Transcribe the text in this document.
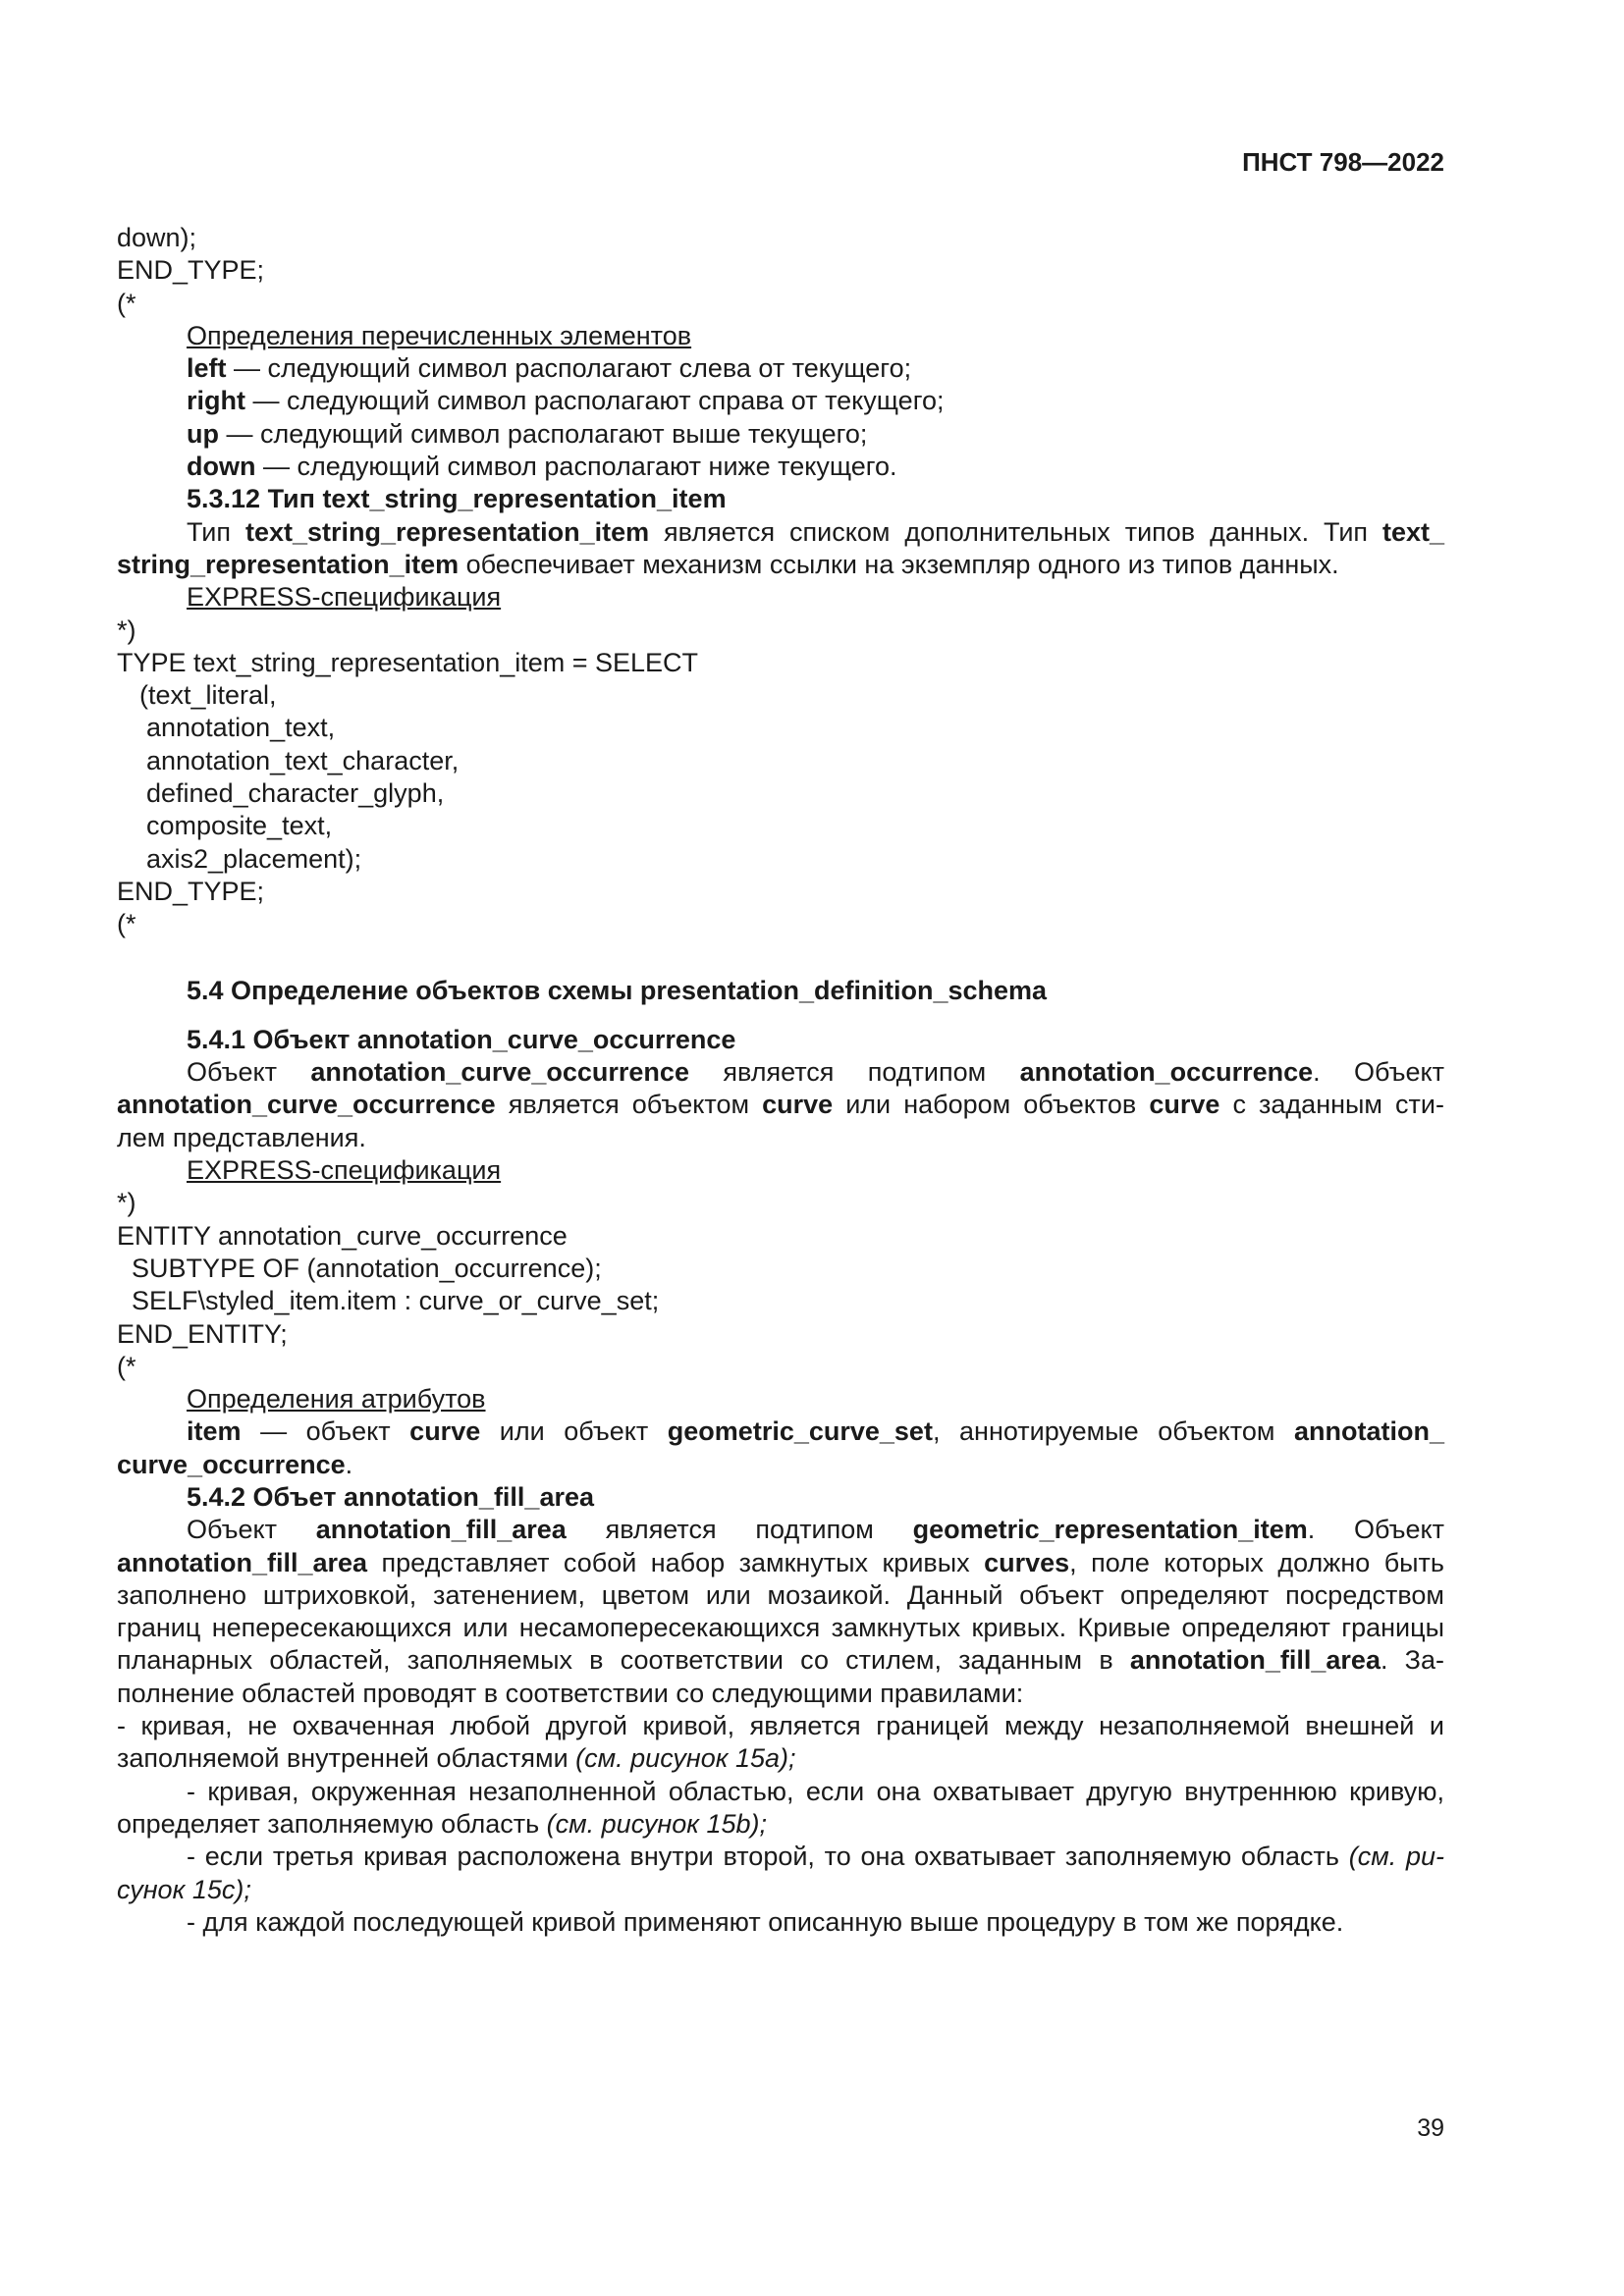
ПНСТ 798—2022

down);

END_TYPE;

(*

Определения перечисленных элементов

left — следующий символ располагают слева от текущего;

right — следующий символ располагают справа от текущего;

up — следующий символ располагают выше текущего;

down — следующий символ располагают ниже текущего.

5.3.12 Тип text_string_representation_item

Тип text_string_representation_item является списком дополнительных типов данных. Тип text_

string_representation_item обеспечивает механизм ссылки на экземпляр одного из типов данных.

EXPRESS-спецификация

*)

TYPE text_string_representation_item = SELECT

(text_literal,

annotation_text,

annotation_text_character,

defined_character_glyph,

composite_text,

axis2_placement);

END_TYPE;

(*

5.4 Определение объектов схемы presentation_definition_schema

5.4.1 Объект annotation_curve_occurrence

Объект annotation_curve_occurrence является подтипом annotation_occurrence. Объект

annotation_curve_occurrence является объектом curve или набором объектов curve с заданным сти-

лем представления.

EXPRESS-спецификация

*)

ENTITY annotation_curve_occurrence

SUBTYPE OF (annotation_occurrence);

SELF\styled_item.item : curve_or_curve_set;

END_ENTITY;

(*

Определения атрибутов

item — объект curve или объект geometric_curve_set, аннотируемые объектом annotation_

curve_occurrence.

5.4.2 Объет annotation_fill_area

Объект annotation_fill_area является подтипом geometric_representation_item. Объект

annotation_fill_area представляет собой набор замкнутых кривых curves, поле которых должно быть заполнено штриховкой, затенением, цветом или мозаикой. Данный объект определяют посредством границ непересекающихся или несамопересекающихся замкнутых кривых. Кривые определяют границы планарных областей, заполняемых в соответствии со стилем, заданным в annotation_fill_area. Заполнение областей проводят в соответствии со следующими правилами:

- кривая, не охваченная любой другой кривой, является границей между незаполняемой внешней и заполняемой внутренней областями (см. рисунок 15а);

- кривая, окруженная незаполненной областью, если она охватывает другую внутреннюю кривую, определяет заполняемую область (см. рисунок 15b);

- если третья кривая расположена внутри второй, то она охватывает заполняемую область (см. рисунок 15с);

- для каждой последующей кривой применяют описанную выше процедуру в том же порядке.

39
